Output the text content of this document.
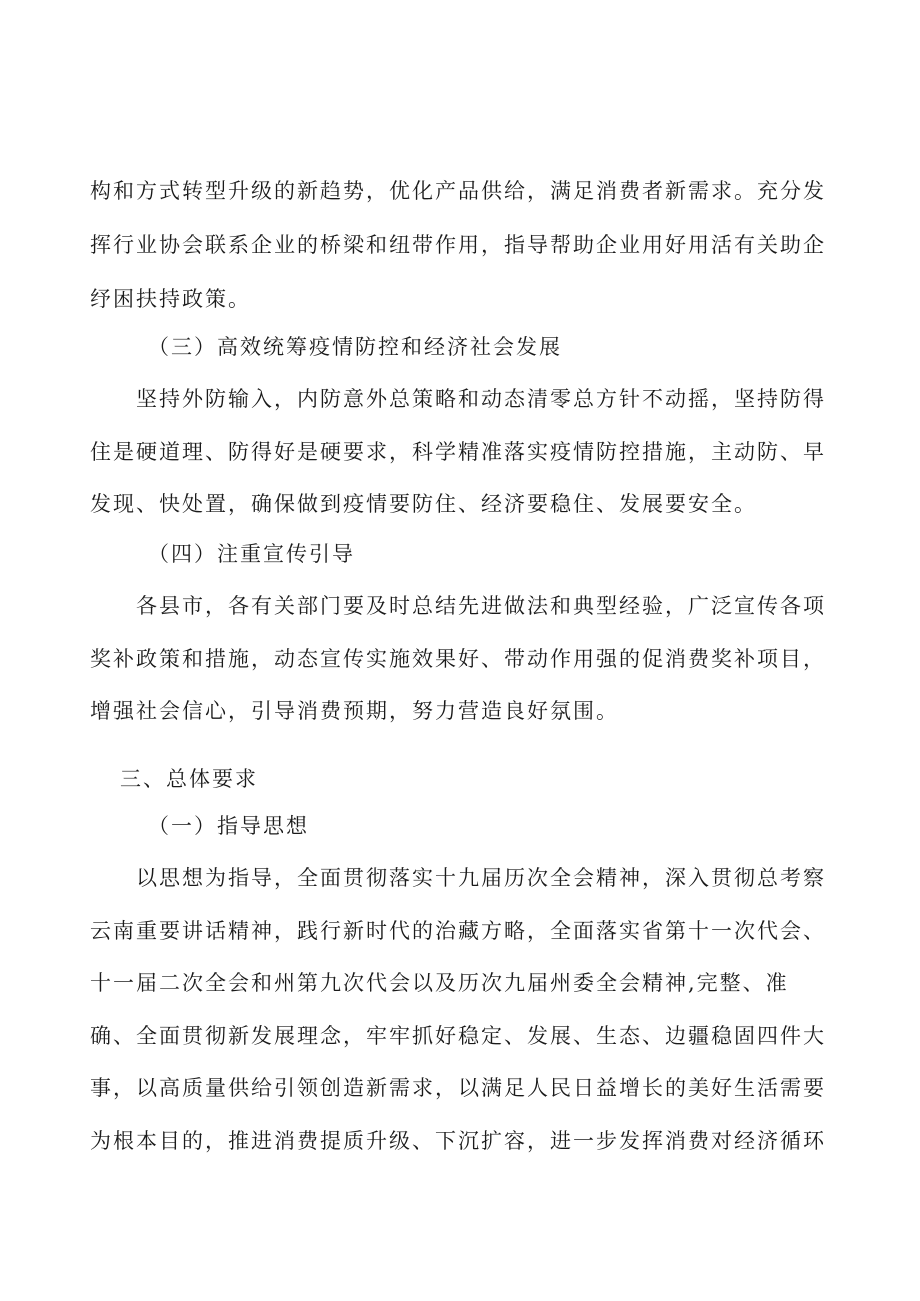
构和方式转型升级的新趋势，优化产品供给，满足消费者新需求。充分发
挥行业协会联系企业的桥梁和纽带作用，指导帮助企业用好用活有关助企
纾困扶持政策。
（三）高效统筹疫情防控和经济社会发展
坚持外防输入，内防意外总策略和动态清零总方针不动摇，坚持防得
住是硬道理、防得好是硬要求，科学精准落实疫情防控措施，主动防、早
发现、快处置，确保做到疫情要防住、经济要稳住、发展要安全。
（四）注重宣传引导
各县市，各有关部门要及时总结先进做法和典型经验，广泛宣传各项
奖补政策和措施，动态宣传实施效果好、带动作用强的促消费奖补项目，
增强社会信心，引导消费预期，努力营造良好氛围。
三、总体要求
（一）指导思想
以思想为指导，全面贯彻落实十九届历次全会精神，深入贯彻总考察
云南重要讲话精神，践行新时代的治藏方略，全面落实省第十一次代会、
十一届二次全会和州第九次代会以及历次九届州委全会精神,完整、准
确、全面贯彻新发展理念，牢牢抓好稳定、发展、生态、边疆稳固四件大
事，以高质量供给引领创造新需求，以满足人民日益增长的美好生活需要
为根本目的，推进消费提质升级、下沉扩容，进一步发挥消费对经济循环
